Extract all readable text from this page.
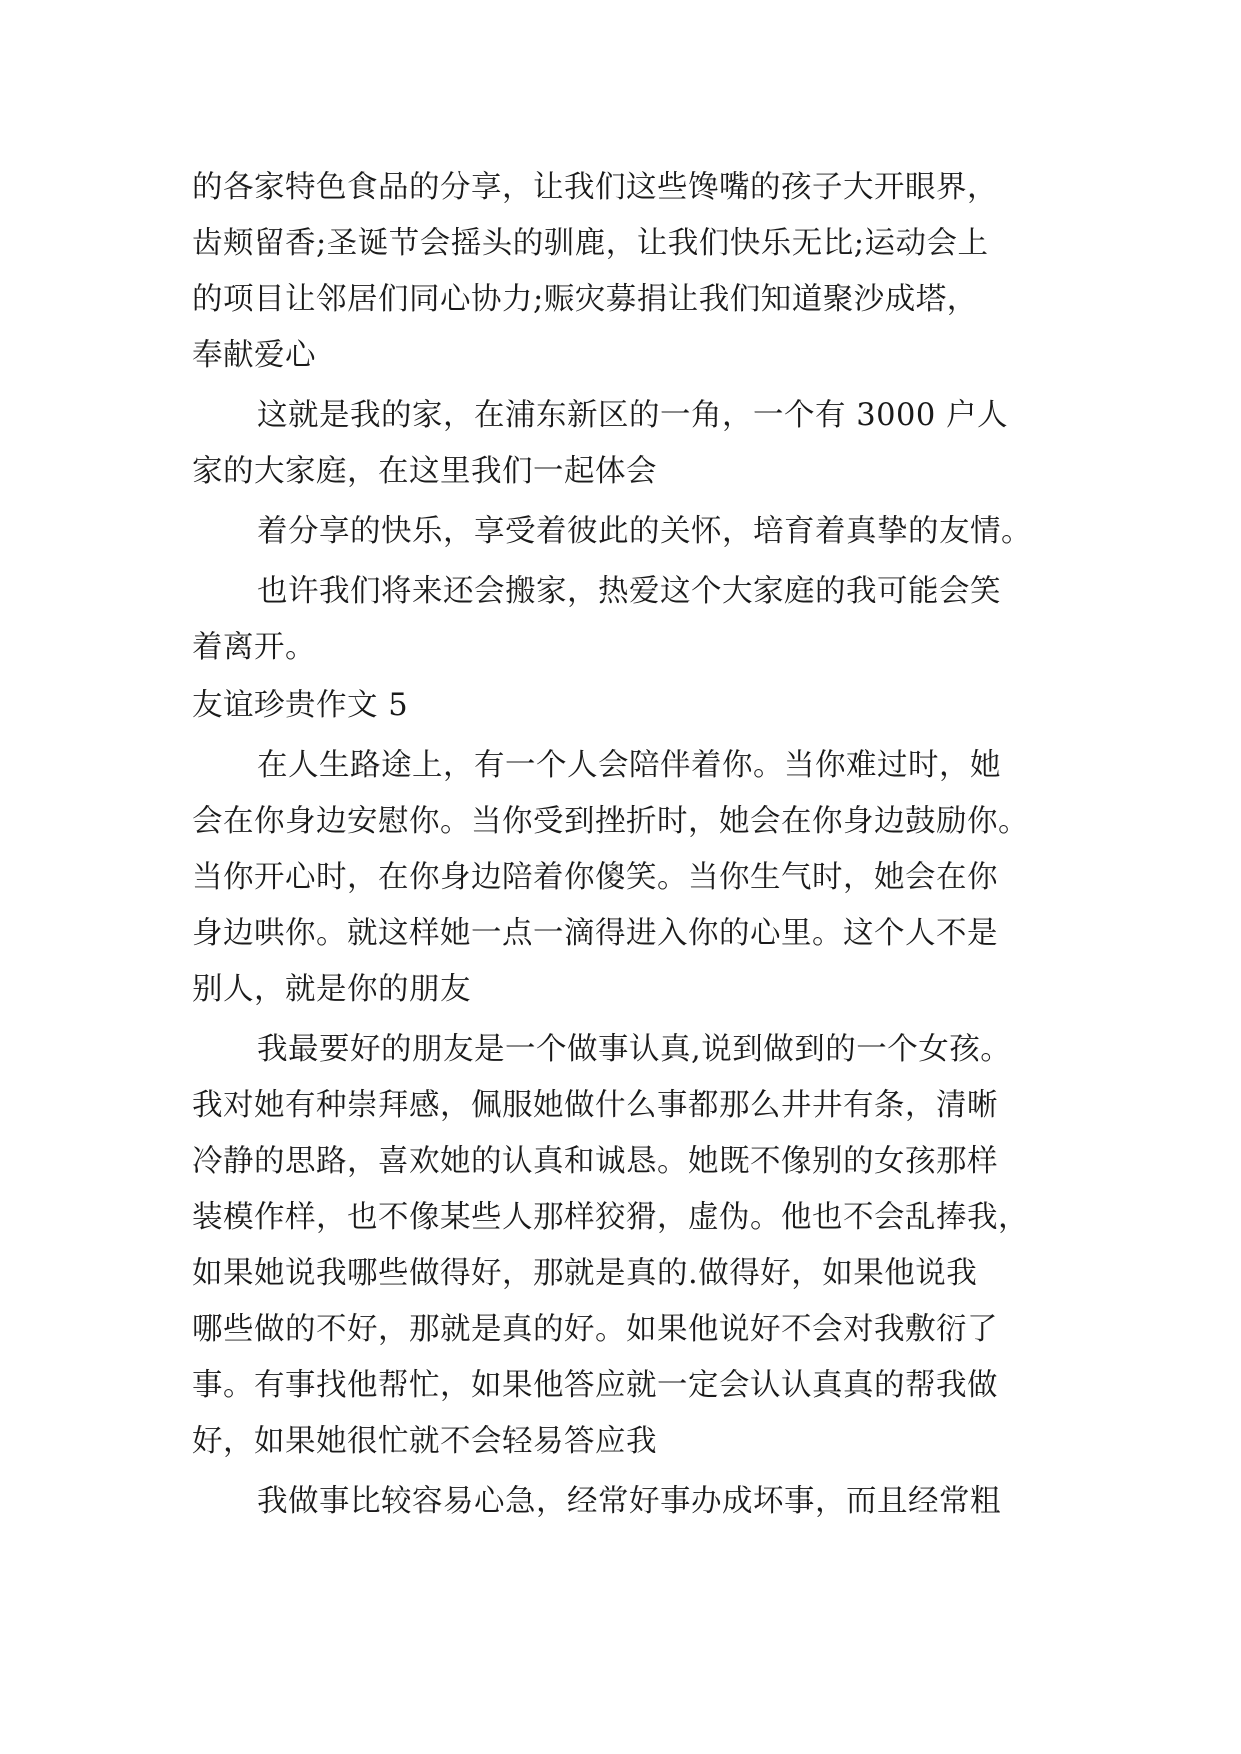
的各家特色食品的分享，让我们这些馋嘴的孩子大开眼界，
齿颊留香;圣诞节会摇头的驯鹿，让我们快乐无比;运动会上
的项目让邻居们同心协力;赈灾募捐让我们知道聚沙成塔，
奉献爱心
这就是我的家，在浦东新区的一角，一个有 3000 户人
家的大家庭，在这里我们一起体会
着分享的快乐，享受着彼此的关怀，培育着真挚的友情。
也许我们将来还会搬家，热爱这个大家庭的我可能会笑
着离开。
友谊珍贵作文 5
在人生路途上，有一个人会陪伴着你。当你难过时，她
会在你身边安慰你。当你受到挫折时，她会在你身边鼓励你。
当你开心时，在你身边陪着你傻笑。当你生气时，她会在你
身边哄你。就这样她一点一滴得进入你的心里。这个人不是
别人，就是你的朋友
我最要好的朋友是一个做事认真,说到做到的一个女孩。
我对她有种崇拜感，佩服她做什么事都那么井井有条，清晰
冷静的思路，喜欢她的认真和诚恳。她既不像别的女孩那样
装模作样，也不像某些人那样狡猾，虚伪。他也不会乱捧我，
如果她说我哪些做得好，那就是真的.做得好，如果他说我
哪些做的不好，那就是真的好。如果他说好不会对我敷衍了
事。有事找他帮忙，如果他答应就一定会认认真真的帮我做
好，如果她很忙就不会轻易答应我
我做事比较容易心急，经常好事办成坏事，而且经常粗
